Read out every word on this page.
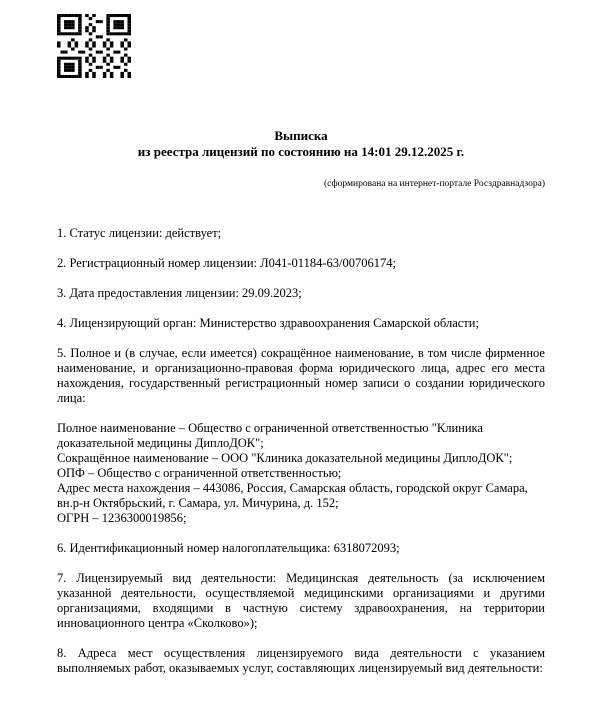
Выписка
из реестра лицензий по состоянию на 14:01 29.12.2025 г.
(сформирована на интернет-портале Росздравнадзора)

1. Статус лицензии: действует;

2. Регистрационный номер лицензии: Л041-01184-63/00706174;

3. Дата предоставления лицензии: 29.09.2023;

4. Лицензирующий орган: Министерство здравоохранения Самарской области;

5. Полное и (в случае, если имеется) сокращённое наименование, в том числе фирменное наименование, и организационно-правовая форма юридического лица, адрес его места нахождения, государственный регистрационный номер записи о создании юридического лица:

Полное наименование – Общество с ограниченной ответственностью "Клиника доказательной медицины ДиплоДОК";
Сокращённое наименование – ООО "Клиника доказательной медицины ДиплоДОК";
ОПФ – Общество с ограниченной ответственностью;
Адрес места нахождения – 443086, Россия, Самарская область, городской округ Самара, вн.р-н Октябрьский, г. Самара, ул. Мичурина, д. 152;
ОГРН – 1236300019856;

6. Идентификационный номер налогоплательщика: 6318072093;

7. Лицензируемый вид деятельности: Медицинская деятельность (за исключением указанной деятельности, осуществляемой медицинскими организациями и другими организациями, входящими в частную систему здравоохранения, на территории инновационного центра «Сколково»);

8. Адреса мест осуществления лицензируемого вида деятельности с указанием выполняемых работ, оказываемых услуг, составляющих лицензируемый вид деятельности:
